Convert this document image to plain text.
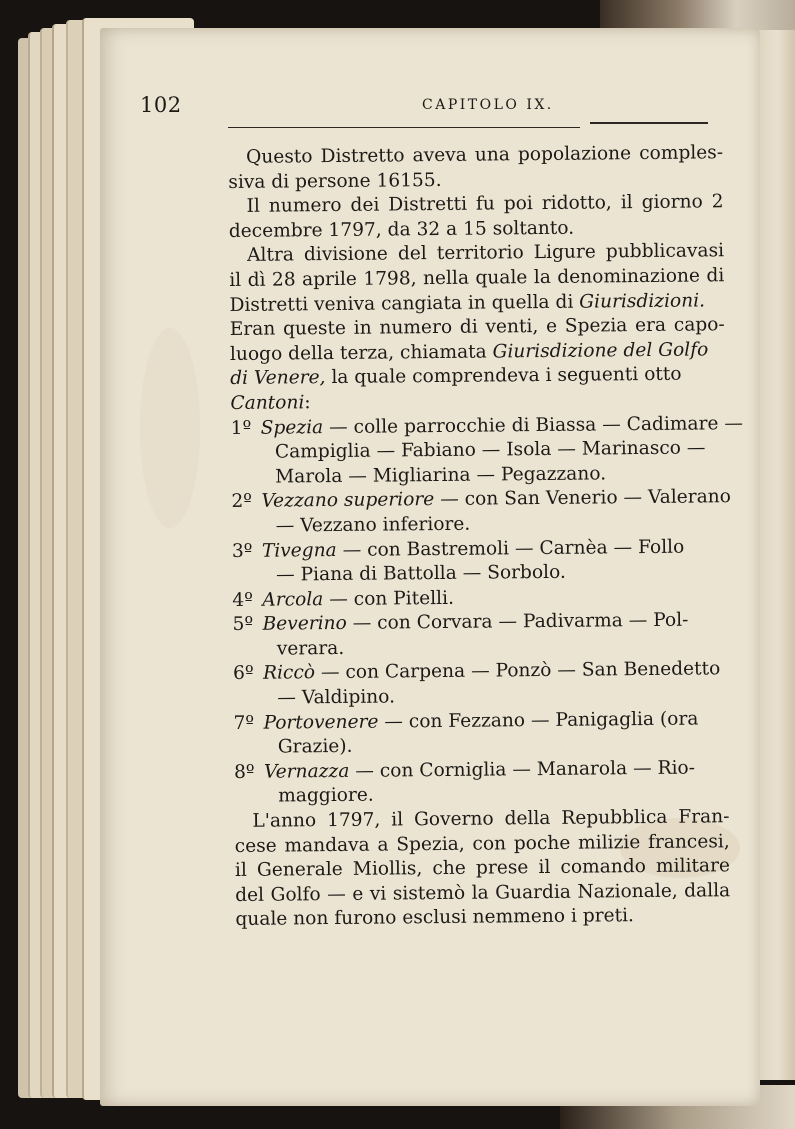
102	CAPITOLO IX.
Questo Distretto aveva una popolazione comples-
siva di persone 16155.
Il numero dei Distretti fu poi ridotto, il giorno 2
decembre 1797, da 32 a 15 soltanto.
Altra divisione del territorio Ligure pubblicavasi
il dì 28 aprile 1798, nella quale la denominazione di
Distretti veniva cangiata in quella di Giurisdizioni.
Eran queste in numero di venti, e Spezia era capo-
luogo della terza, chiamata Giurisdizione del Golfo
di Venere, la quale comprendeva i seguenti otto
Cantoni:
1º Spezia — colle parrocchie di Biassa — Cadimare —
Campiglia — Fabiano — Isola — Marinasco —
Marola — Migliarina — Pegazzano.
2º Vezzano superiore — con San Venerio — Valerano
— Vezzano inferiore.
3º Tivegna — con Bastremoli — Carnèa — Follo
— Piana di Battolla — Sorbolo.
4º Arcola — con Pitelli.
5º Beverino — con Corvara — Padivarma — Pol-
verara.
6º Riccò — con Carpena — Ponzò — San Benedetto
— Valdipino.
7º Portovenere — con Fezzano — Panigaglia (ora
Grazie).
8º Vernazza — con Corniglia — Manarola — Rio-
maggiore.
L'anno 1797, il Governo della Repubblica Fran-
cese mandava a Spezia, con poche milizie francesi,
il Generale Miollis, che prese il comando militare
del Golfo — e vi sistemò la Guardia Nazionale, dalla
quale non furono esclusi nemmeno i preti.
